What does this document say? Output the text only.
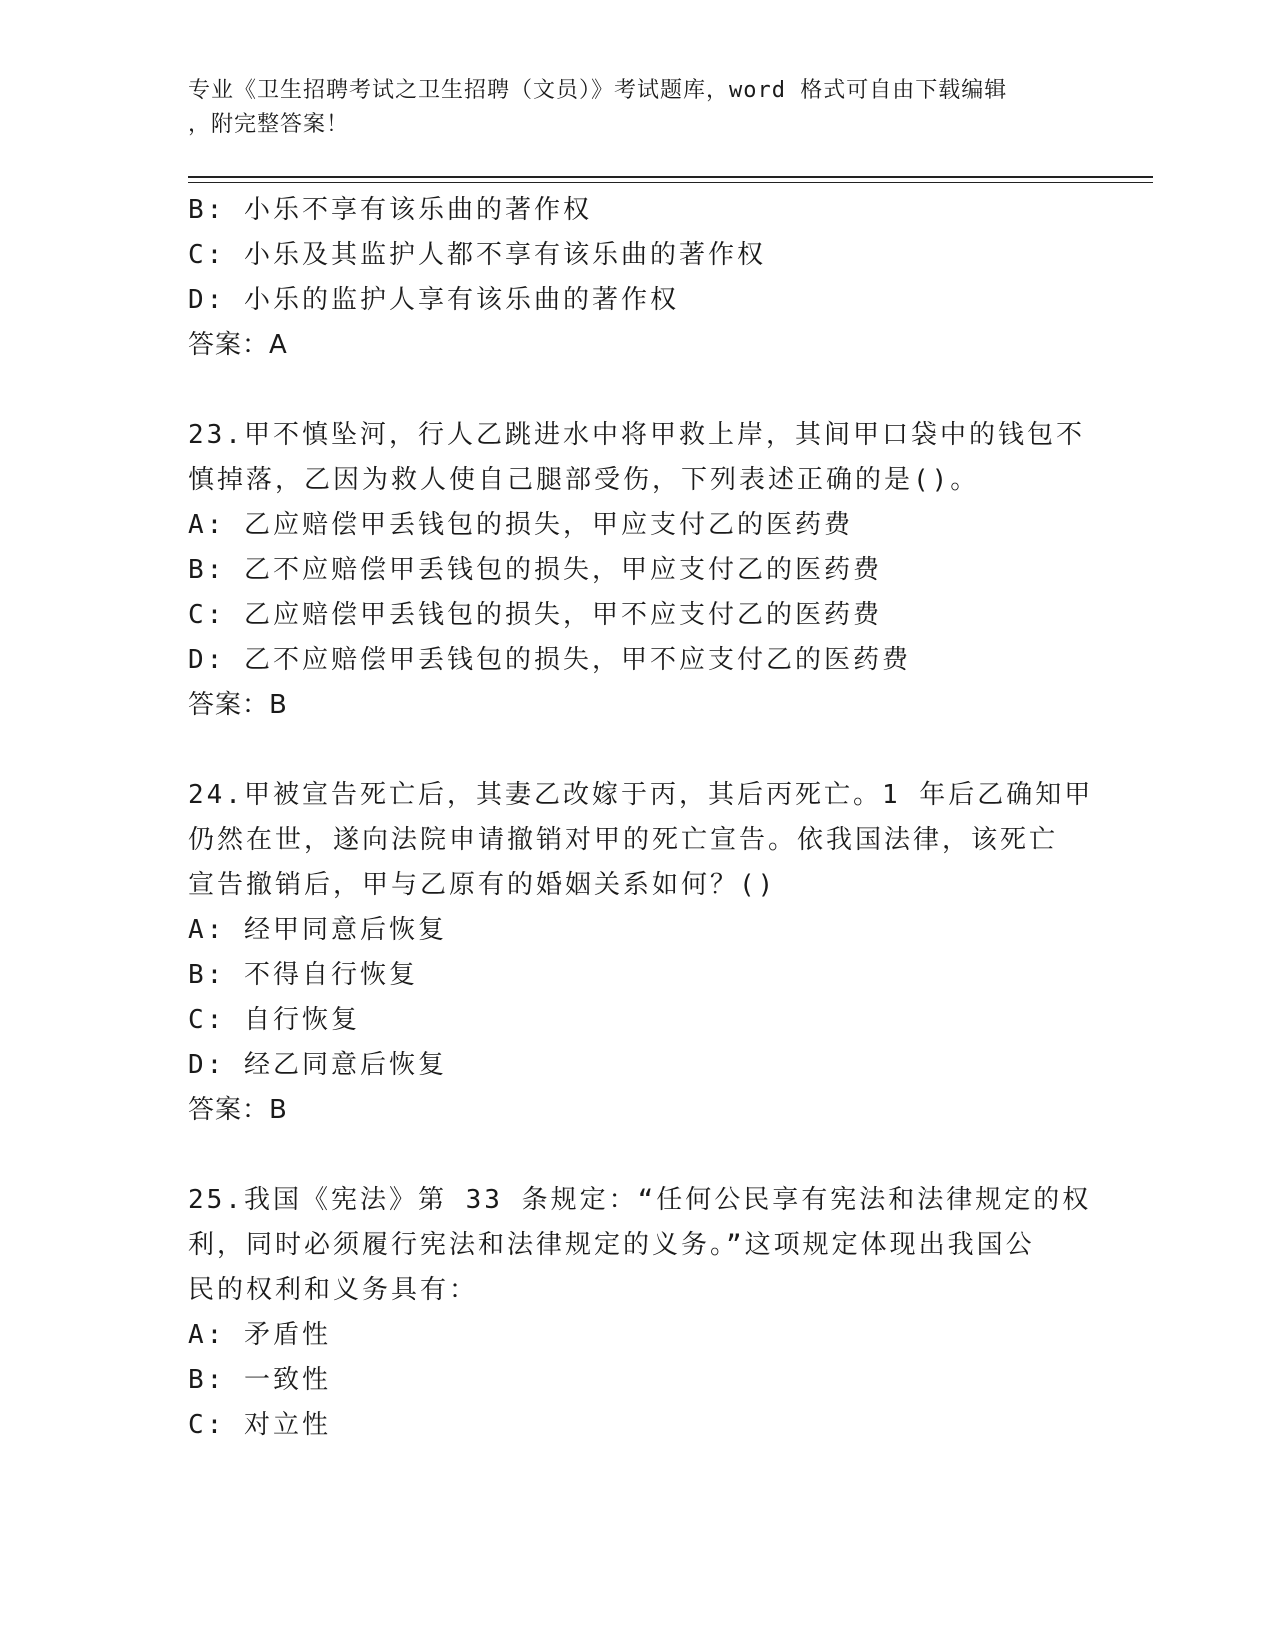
专业《卫生招聘考试之卫生招聘（文员）》考试题库，word 格式可自由下载编辑
，附完整答案！
B: 小乐不享有该乐曲的著作权
C: 小乐及其监护人都不享有该乐曲的著作权
D: 小乐的监护人享有该乐曲的著作权
答案：A
23.甲不慎坠河，行人乙跳进水中将甲救上岸，其间甲口袋中的钱包不
慎掉落，乙因为救人使自己腿部受伤，下列表述正确的是()。
A: 乙应赔偿甲丢钱包的损失，甲应支付乙的医药费
B: 乙不应赔偿甲丢钱包的损失，甲应支付乙的医药费
C: 乙应赔偿甲丢钱包的损失，甲不应支付乙的医药费
D: 乙不应赔偿甲丢钱包的损失，甲不应支付乙的医药费
答案：B
24.甲被宣告死亡后，其妻乙改嫁于丙，其后丙死亡。1 年后乙确知甲
仍然在世，遂向法院申请撤销对甲的死亡宣告。依我国法律，该死亡
宣告撤销后，甲与乙原有的婚姻关系如何？()
A: 经甲同意后恢复
B: 不得自行恢复
C: 自行恢复
D: 经乙同意后恢复
答案：B
25.我国《宪法》第 33 条规定：“任何公民享有宪法和法律规定的权
利，同时必须履行宪法和法律规定的义务。”这项规定体现出我国公
民的权利和义务具有：
A: 矛盾性
B: 一致性
C: 对立性
